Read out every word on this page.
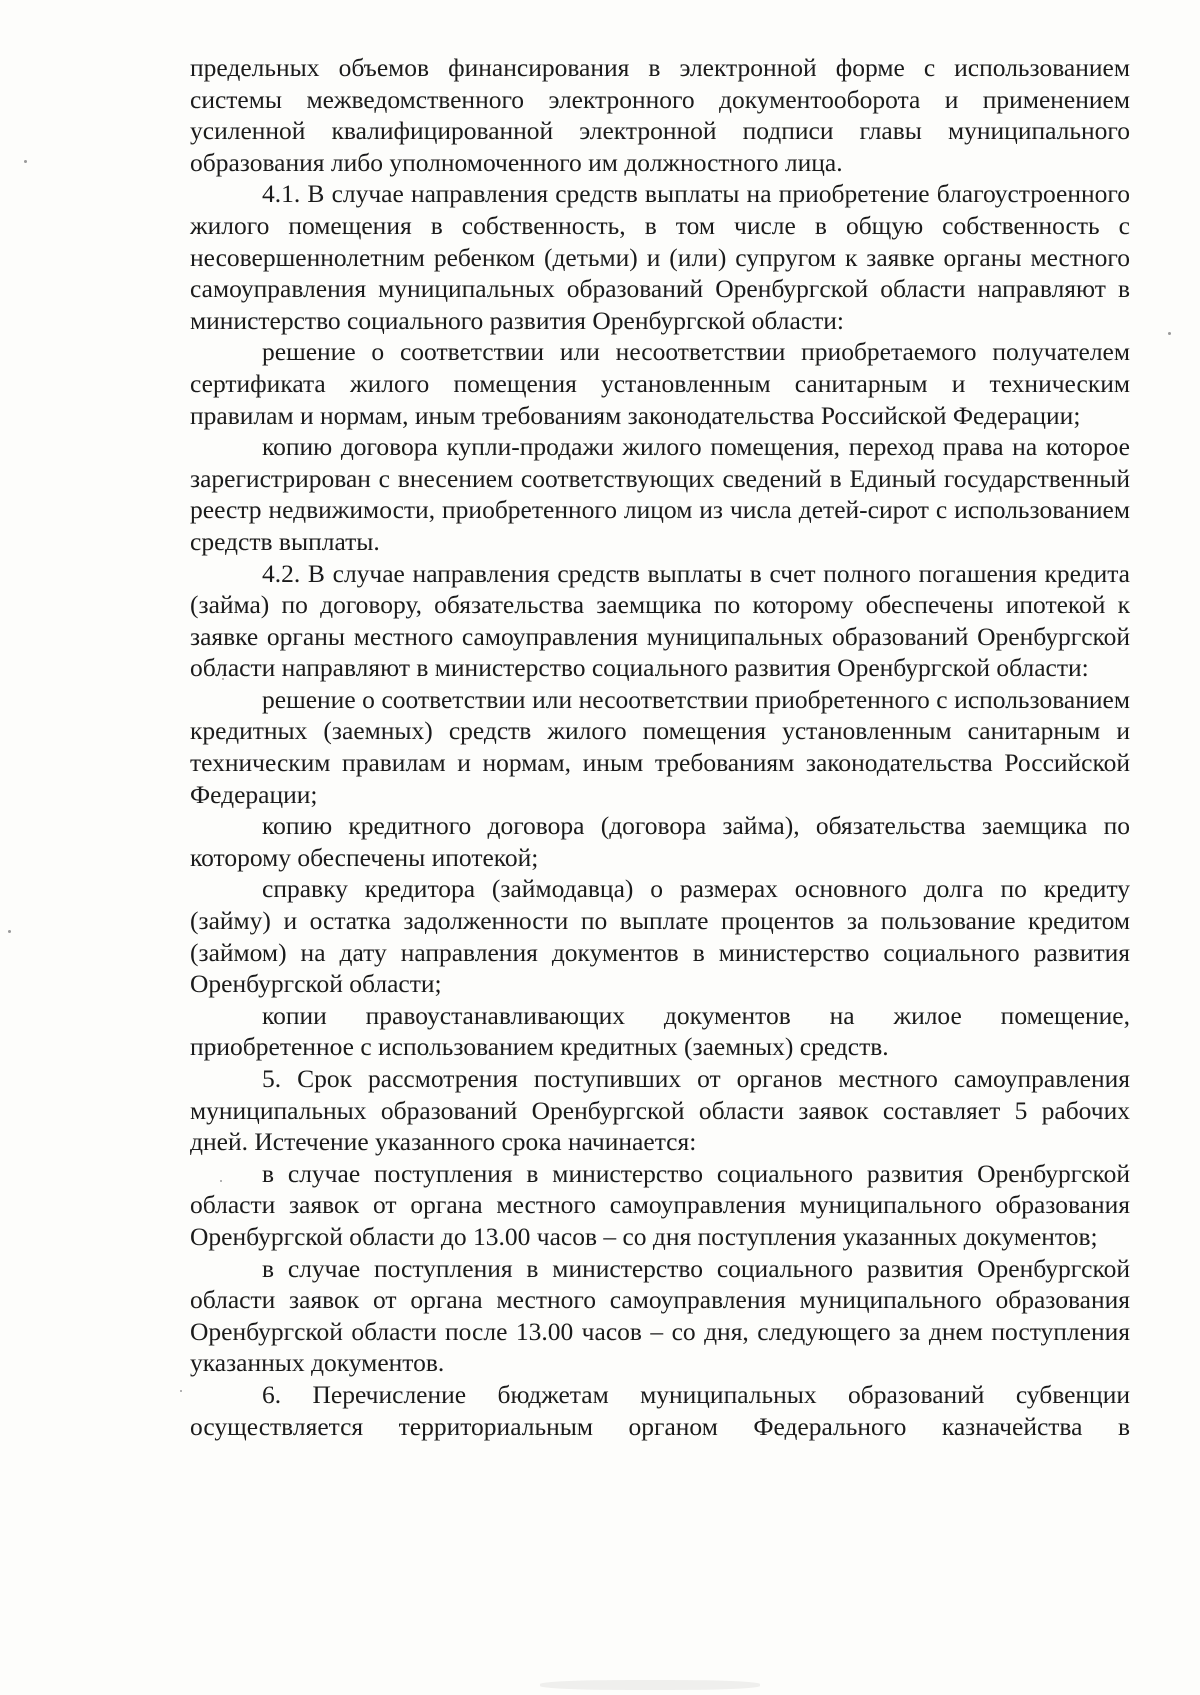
предельных объемов финансирования в электронной форме с использованием системы межведомственного электронного документооборота и применением усиленной квалифицированной электронной подписи главы муниципального образования либо уполномоченного им должностного лица.

4.1. В случае направления средств выплаты на приобретение благоустроенного жилого помещения в собственность, в том числе в общую собственность с несовершеннолетним ребенком (детьми) и (или) супругом к заявке органы местного самоуправления муниципальных образований Оренбургской области направляют в министерство социального развития Оренбургской области:

решение о соответствии или несоответствии приобретаемого получателем сертификата жилого помещения установленным санитарным и техническим правилам и нормам, иным требованиям законодательства Российской Федерации;

копию договора купли-продажи жилого помещения, переход права на которое зарегистрирован с внесением соответствующих сведений в Единый государственный реестр недвижимости, приобретенного лицом из числа детей-сирот с использованием средств выплаты.

4.2. В случае направления средств выплаты в счет полного погашения кредита (займа) по договору, обязательства заемщика по которому обеспечены ипотекой к заявке органы местного самоуправления муниципальных образований Оренбургской области направляют в министерство социального развития Оренбургской области:

решение о соответствии или несоответствии приобретенного с использованием кредитных (заемных) средств жилого помещения установленным санитарным и техническим правилам и нормам, иным требованиям законодательства Российской Федерации;

копию кредитного договора (договора займа), обязательства заемщика по которому обеспечены ипотекой;

справку кредитора (займодавца) о размерах основного долга по кредиту (займу) и остатка задолженности по выплате процентов за пользование кредитом (займом) на дату направления документов в министерство социального развития Оренбургской области;

копии правоустанавливающих документов на жилое помещение, приобретенное с использованием кредитных (заемных) средств.

5. Срок рассмотрения поступивших от органов местного самоуправления муниципальных образований Оренбургской области заявок составляет 5 рабочих дней. Истечение указанного срока начинается:

в случае поступления в министерство социального развития Оренбургской области заявок от органа местного самоуправления муниципального образования Оренбургской области до 13.00 часов – со дня поступления указанных документов;

в случае поступления в министерство социального развития Оренбургской области заявок от органа местного самоуправления муниципального образования Оренбургской области после 13.00 часов – со дня, следующего за днем поступления указанных документов.

6. Перечисление бюджетам муниципальных образований субвенции осуществляется территориальным органом Федерального казначейства в
